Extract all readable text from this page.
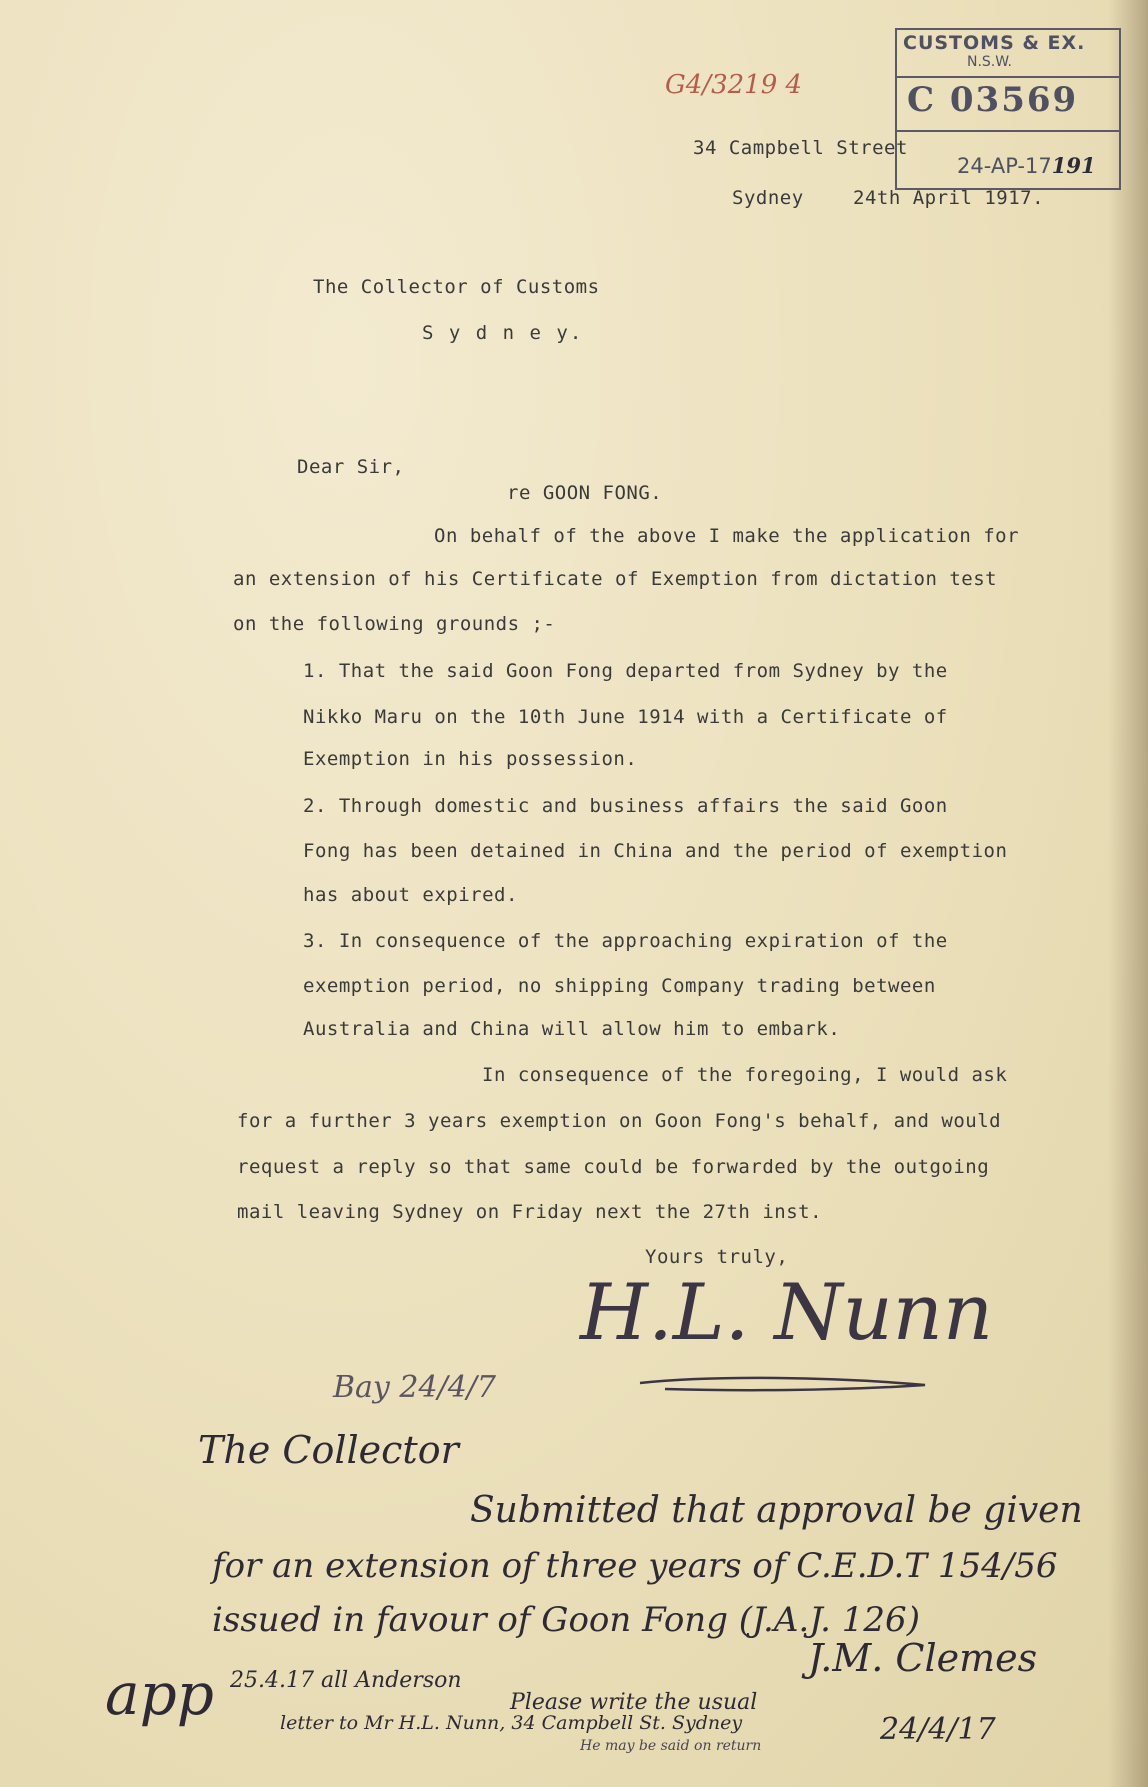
G4/3219 4
CUSTOMS & EX.
N.S.W.
C 03569
24-AP-17191
34 Campbell Street
Sydney	24th April 1917.
The Collector of Customs
S y d n e y.
Dear Sir,
re GOON FONG.
On behalf of the above I make the application for
an extension of his Certificate of Exemption from dictation test
on the following grounds ;-
1. That the said Goon Fong departed from Sydney by the
Nikko Maru on the 10th June 1914 with a Certificate of
Exemption in his possession.
2. Through domestic and business affairs the said Goon
Fong has been detained in China and the period of exemption
has about expired.
3. In consequence of the approaching expiration of the
exemption period, no shipping Company trading between
Australia and China will allow him to embark.
In consequence of the foregoing, I would ask
for a further 3 years exemption on Goon Fong's behalf, and would
request a reply so that same could be forwarded by the outgoing
mail leaving Sydney on Friday next the 27th inst.
Yours truly,
H.L. Nunn
Bay 24/4/7
The Collector
Submitted that approval be given
for an extension of three years of C.E.D.T 154/56
issued in favour of Goon Fong (J.A.J. 126)
app 25.4.17 all Anderson
J.M. Clemes
Please write the usual
letter to Mr H.L. Nunn, 34 Campbell St. Sydney
He may be said on return	24/4/17
